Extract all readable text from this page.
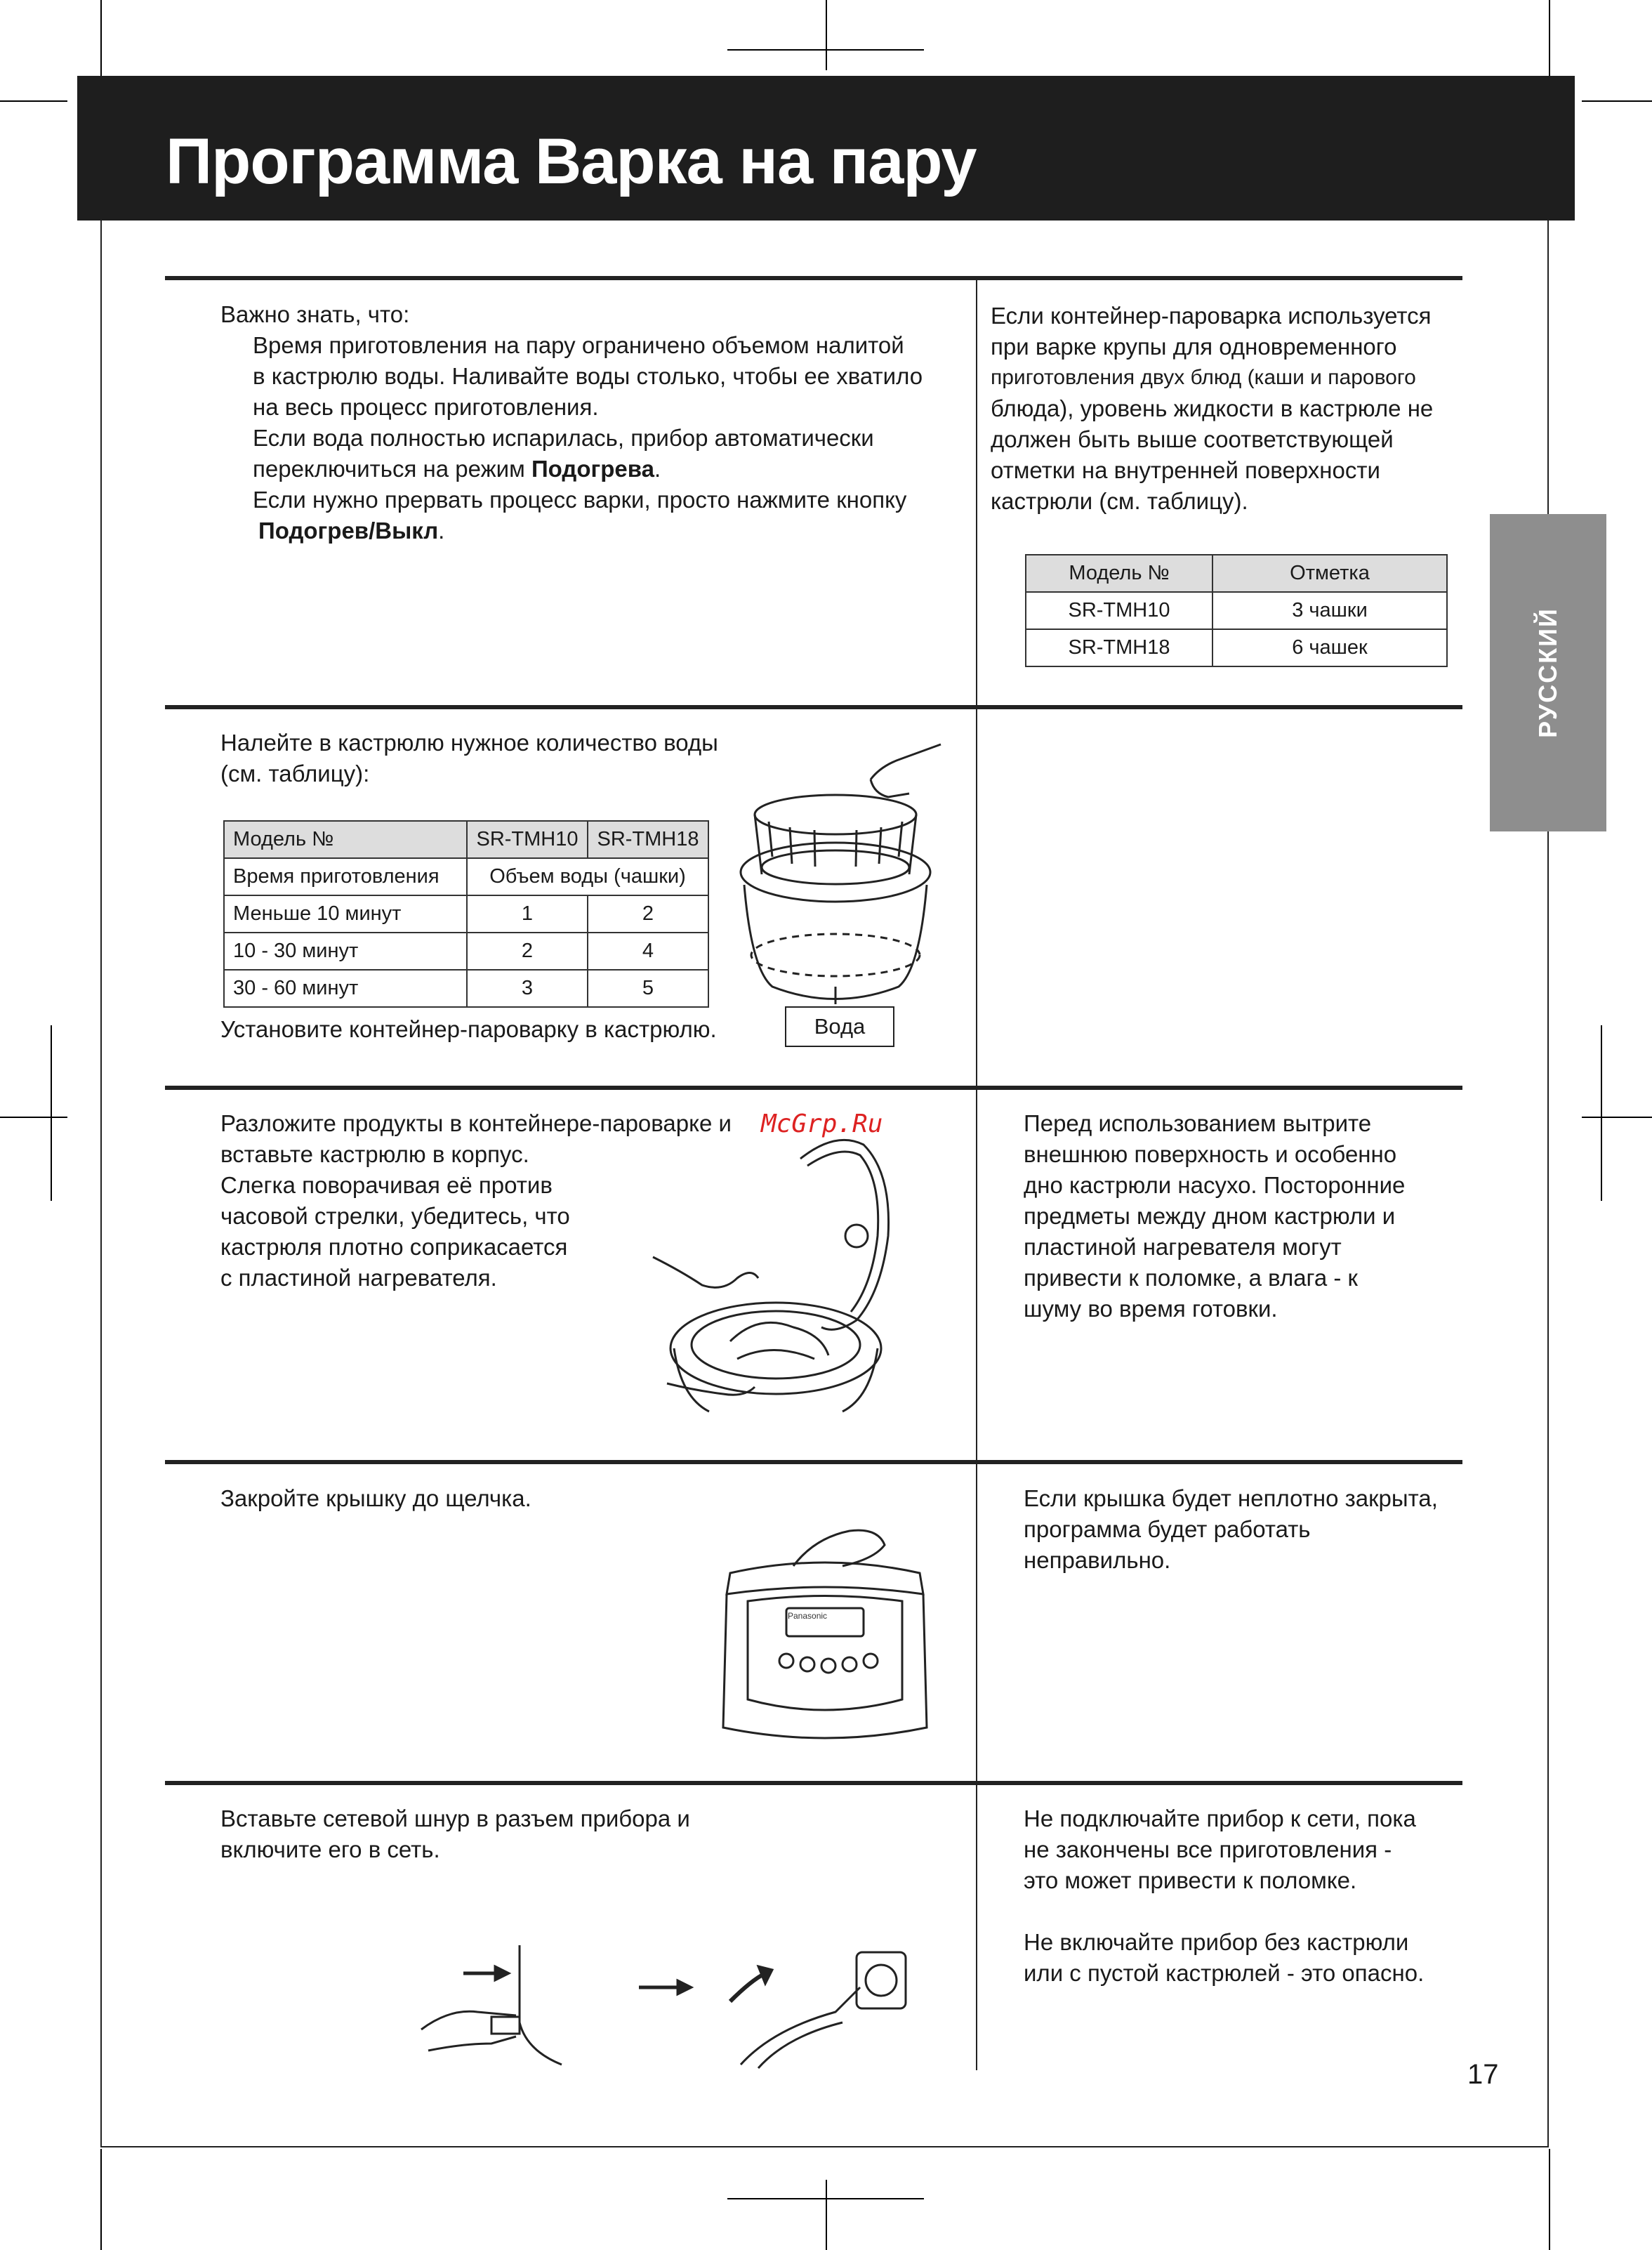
Программа Варка на пару
РУССКИЙ

Важно знать, что:

Время приготовления на пару ограничено объемом налитой

в кастрюлю воды. Наливайте воды столько, чтобы ее хватило

на весь процесс приготовления.

Если вода полностью испарилась, прибор автоматически

переключиться на режим Подогрева.

Если нужно прервать процесс варки, просто нажмите кнопку

Подогрев/Выкл.

Если контейнер-пароварка используется

при варке крупы для одновременного

приготовления двух блюд (каши и парового

блюда), уровень жидкости в кастрюле не

должен быть выше соответствующей

отметки на внутренней поверхности

кастрюли (см. таблицу).

Модель №	Отметка
SR-TMH10	3 чашки
SR-TMH18	6 чашек

Налейте в кастрюлю нужное количество воды

(см. таблицу):

Модель №	SR-TMH10	SR-TMH18
Время приготовления	Объем воды (чашки)	
Меньше 10 минут	1	2
10 - 30 минут	2	4
30 - 60 минут	3	5
Установите контейнер-пароварку в кастрюлю.	Вода

Разложите продукты в контейнере-пароварке и

вставьте кастрюлю в корпус.

Слегка поворачивая её против

часовой стрелки, убедитесь, что

кастрюля плотно соприкасается

с пластиной нагревателя.

McGrp.Ru	Перед использованием вытрите

внешнюю поверхность и особенно

дно кастрюли насухо. Посторонние

предметы между дном кастрюли и

пластиной нагревателя могут

привести к поломке, а влага - к

шуму во время готовки.

Закройте крышку до щелчка.	Если крышка будет неплотно закрыта,

программа будет работать

неправильно.

Panasonic

Вставьте сетевой шнур в разъем прибора и

включите его в сеть.

Не подключайте прибор к сети, пока

не закончены все приготовления -

это может привести к поломке.

Не включайте прибор без кастрюли

или с пустой кастрюлей - это опасно.

17
